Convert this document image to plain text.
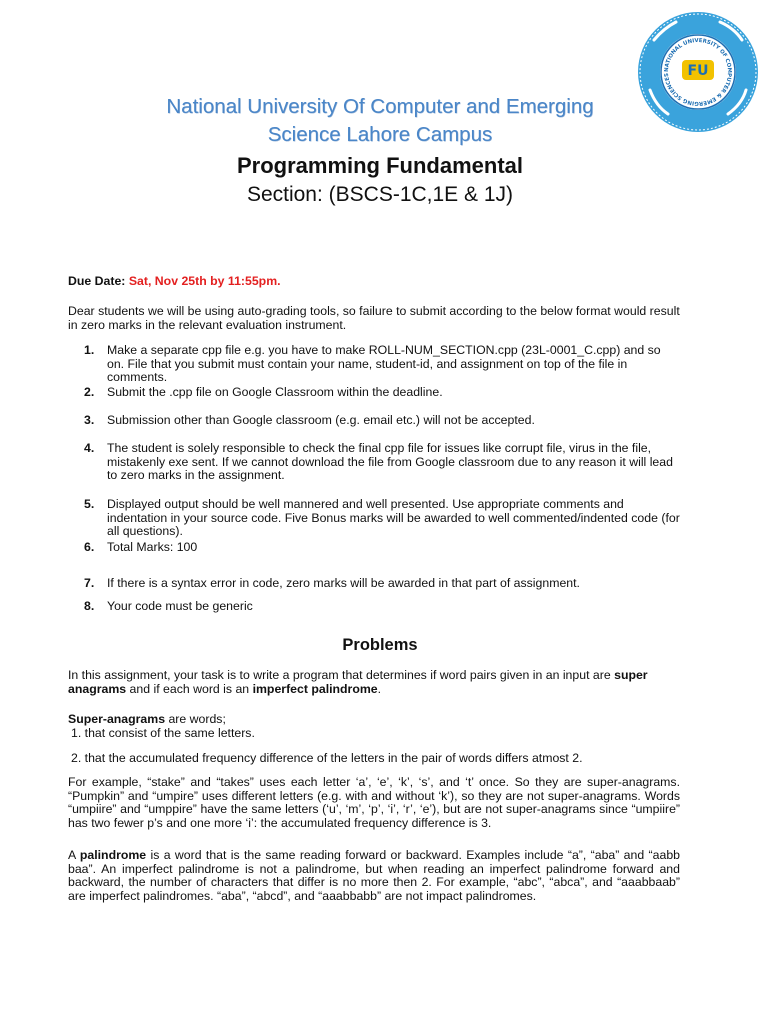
NATIONAL UNIVERSITY OF COMPUTER & EMERGING SCIENCES	FU
National University Of Computer and Emerging
Science Lahore Campus
Programming Fundamental
Section: (BSCS-1C,1E & 1J)
Due Date: Sat, Nov 25th by 11:55pm.
Dear students we will be using auto-grading tools, so failure to submit according to the below format would result in zero marks in the relevant evaluation instrument.
1. Make a separate cpp file e.g. you have to make ROLL-NUM_SECTION.cpp (23L-0001_C.cpp) and so on. File that you submit must contain your name, student-id, and assignment on top of the file in comments.
2. Submit the .cpp file on Google Classroom within the deadline.
3. Submission other than Google classroom (e.g. email etc.) will not be accepted.
4. The student is solely responsible to check the final cpp file for issues like corrupt file, virus in the file, mistakenly exe sent. If we cannot download the file from Google classroom due to any reason it will lead to zero marks in the assignment.
5. Displayed output should be well mannered and well presented. Use appropriate comments and indentation in your source code. Five Bonus marks will be awarded to well commented/indented code (for all questions).
6. Total Marks: 100
7. If there is a syntax error in code, zero marks will be awarded in that part of assignment.
8. Your code must be generic
Problems
In this assignment, your task is to write a program that determines if word pairs given in an input are super anagrams and if each word is an imperfect palindrome.
Super-anagrams are words;
1. that consist of the same letters.
2. that the accumulated frequency difference of the letters in the pair of words differs atmost 2.
For example, “stake” and “takes” uses each letter ‘a’, ‘e’, ‘k’, ‘s’, and ‘t’ once. So they are super-anagrams. “Pumpkin” and “umpire” uses different letters (e.g. with and without ‘k’), so they are not super-anagrams. Words “umpiire” and “umppire” have the same letters (‘u’, ‘m’, ‘p’, ‘i’, ‘r’, ‘e’), but are not super-anagrams since “umpiire” has two fewer p’s and one more ‘i’: the accumulated frequency difference is 3.
A palindrome is a word that is the same reading forward or backward. Examples include “a”, “aba” and “aabb baa”. An imperfect palindrome is not a palindrome, but when reading an imperfect palindrome forward and backward, the number of characters that differ is no more then 2. For example, “abc”, “abca”, and “aaabbaab” are imperfect palindromes. “aba”, “abcd”, and “aaabbabb” are not impact palindromes.
